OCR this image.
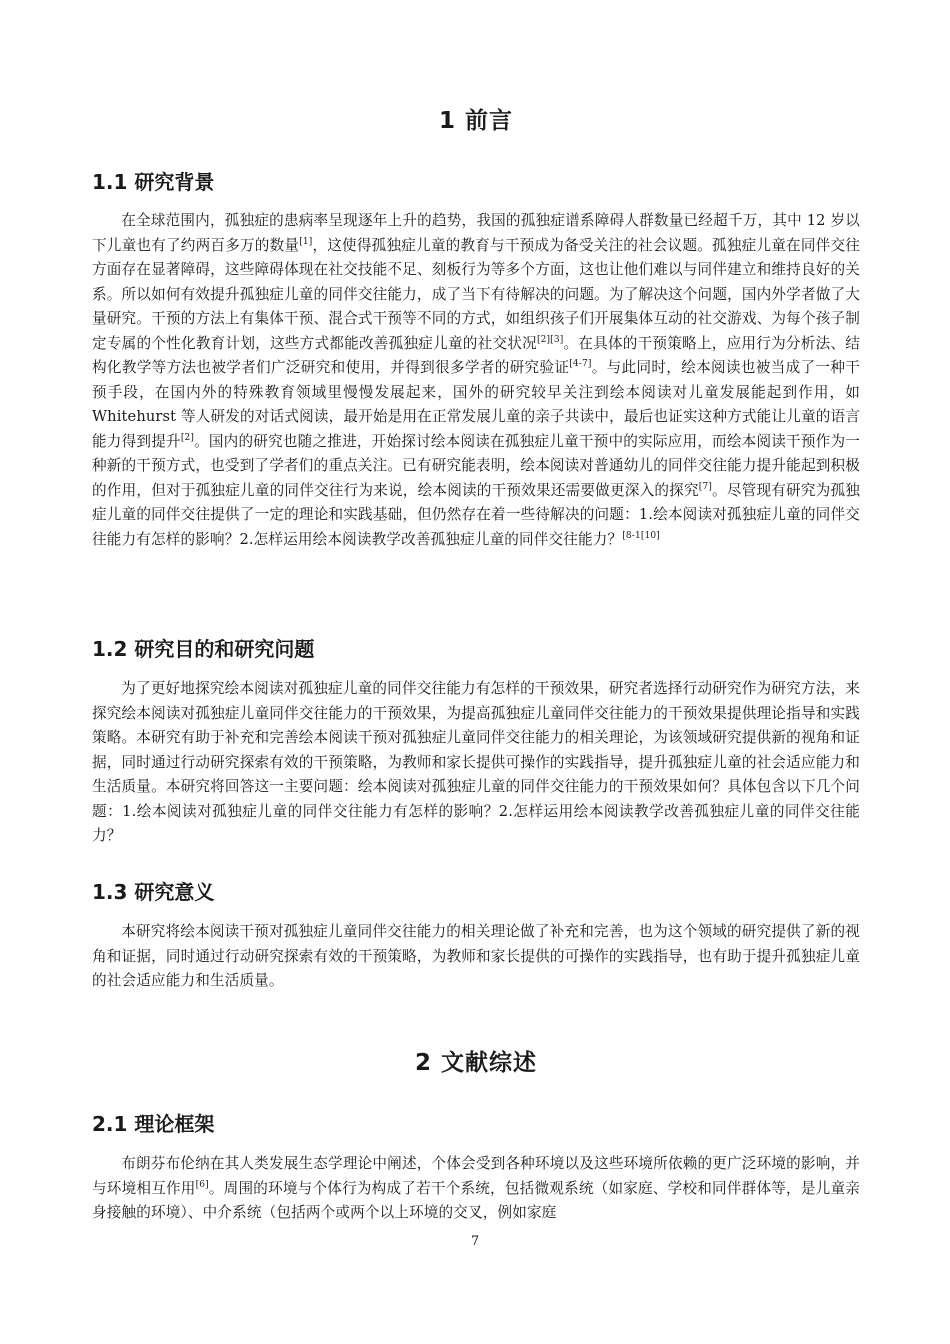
1 前言
1.1 研究背景

在全球范围内，孤独症的患病率呈现逐年上升的趋势，我国的孤独症谱系障碍人群数量已经超千万，其中 12 岁以下儿童也有了约两百多万的数量[1]，这使得孤独症儿童的教育与干预成为备受关注的社会议题。孤独症儿童在同伴交往方面存在显著障碍，这些障碍体现在社交技能不足、刻板行为等多个方面，这也让他们难以与同伴建立和维持良好的关系。所以如何有效提升孤独症儿童的同伴交往能力，成了当下有待解决的问题。为了解决这个问题，国内外学者做了大量研究。干预的方法上有集体干预、混合式干预等不同的方式，如组织孩子们开展集体互动的社交游戏、为每个孩子制定专属的个性化教育计划，这些方式都能改善孤独症儿童的社交状况[2][3]。在具体的干预策略上，应用行为分析法、结构化教学等方法也被学者们广泛研究和使用，并得到很多学者的研究验证[4-7]。与此同时，绘本阅读也被当成了一种干预手段，在国内外的特殊教育领域里慢慢发展起来，国外的研究较早关注到绘本阅读对儿童发展能起到作用，如 Whitehurst 等人研发的对话式阅读，最开始是用在正常发展儿童的亲子共读中，最后也证实这种方式能让儿童的语言能力得到提升[2]。国内的研究也随之推进，开始探讨绘本阅读在孤独症儿童干预中的实际应用，而绘本阅读干预作为一种新的干预方式，也受到了学者们的重点关注。已有研究能表明，绘本阅读对普通幼儿的同伴交往能力提升能起到积极的作用，但对于孤独症儿童的同伴交往行为来说，绘本阅读的干预效果还需要做更深入的探究[7]。尽管现有研究为孤独症儿童的同伴交往提供了一定的理论和实践基础，但仍然存在着一些待解决的问题：1.绘本阅读对孤独症儿童的同伴交往能力有怎样的影响？2.怎样运用绘本阅读教学改善孤独症儿童的同伴交往能力？[8-1[10]

1.2 研究目的和研究问题

为了更好地探究绘本阅读对孤独症儿童的同伴交往能力有怎样的干预效果，研究者选择行动研究作为研究方法，来探究绘本阅读对孤独症儿童同伴交往能力的干预效果，为提高孤独症儿童同伴交往能力的干预效果提供理论指导和实践策略。本研究有助于补充和完善绘本阅读干预对孤独症儿童同伴交往能力的相关理论，为该领域研究提供新的视角和证据，同时通过行动研究探索有效的干预策略，为教师和家长提供可操作的实践指导，提升孤独症儿童的社会适应能力和生活质量。本研究将回答这一主要问题：绘本阅读对孤独症儿童的同伴交往能力的干预效果如何？具体包含以下几个问题：1.绘本阅读对孤独症儿童的同伴交往能力有怎样的影响？2.怎样运用绘本阅读教学改善孤独症儿童的同伴交往能力？

1.3 研究意义

本研究将绘本阅读干预对孤独症儿童同伴交往能力的相关理论做了补充和完善，也为这个领域的研究提供了新的视角和证据，同时通过行动研究探索有效的干预策略，为教师和家长提供的可操作的实践指导，也有助于提升孤独症儿童的社会适应能力和生活质量。

2 文献综述
2.1 理论框架

布朗芬布伦纳在其人类发展生态学理论中阐述，个体会受到各种环境以及这些环境所依赖的更广泛环境的影响，并与环境相互作用[6]。周围的环境与个体行为构成了若干个系统，包括微观系统（如家庭、学校和同伴群体等，是儿童亲身接触的环境）、中介系统（包括两个或两个以上环境的交叉，例如家庭

7
